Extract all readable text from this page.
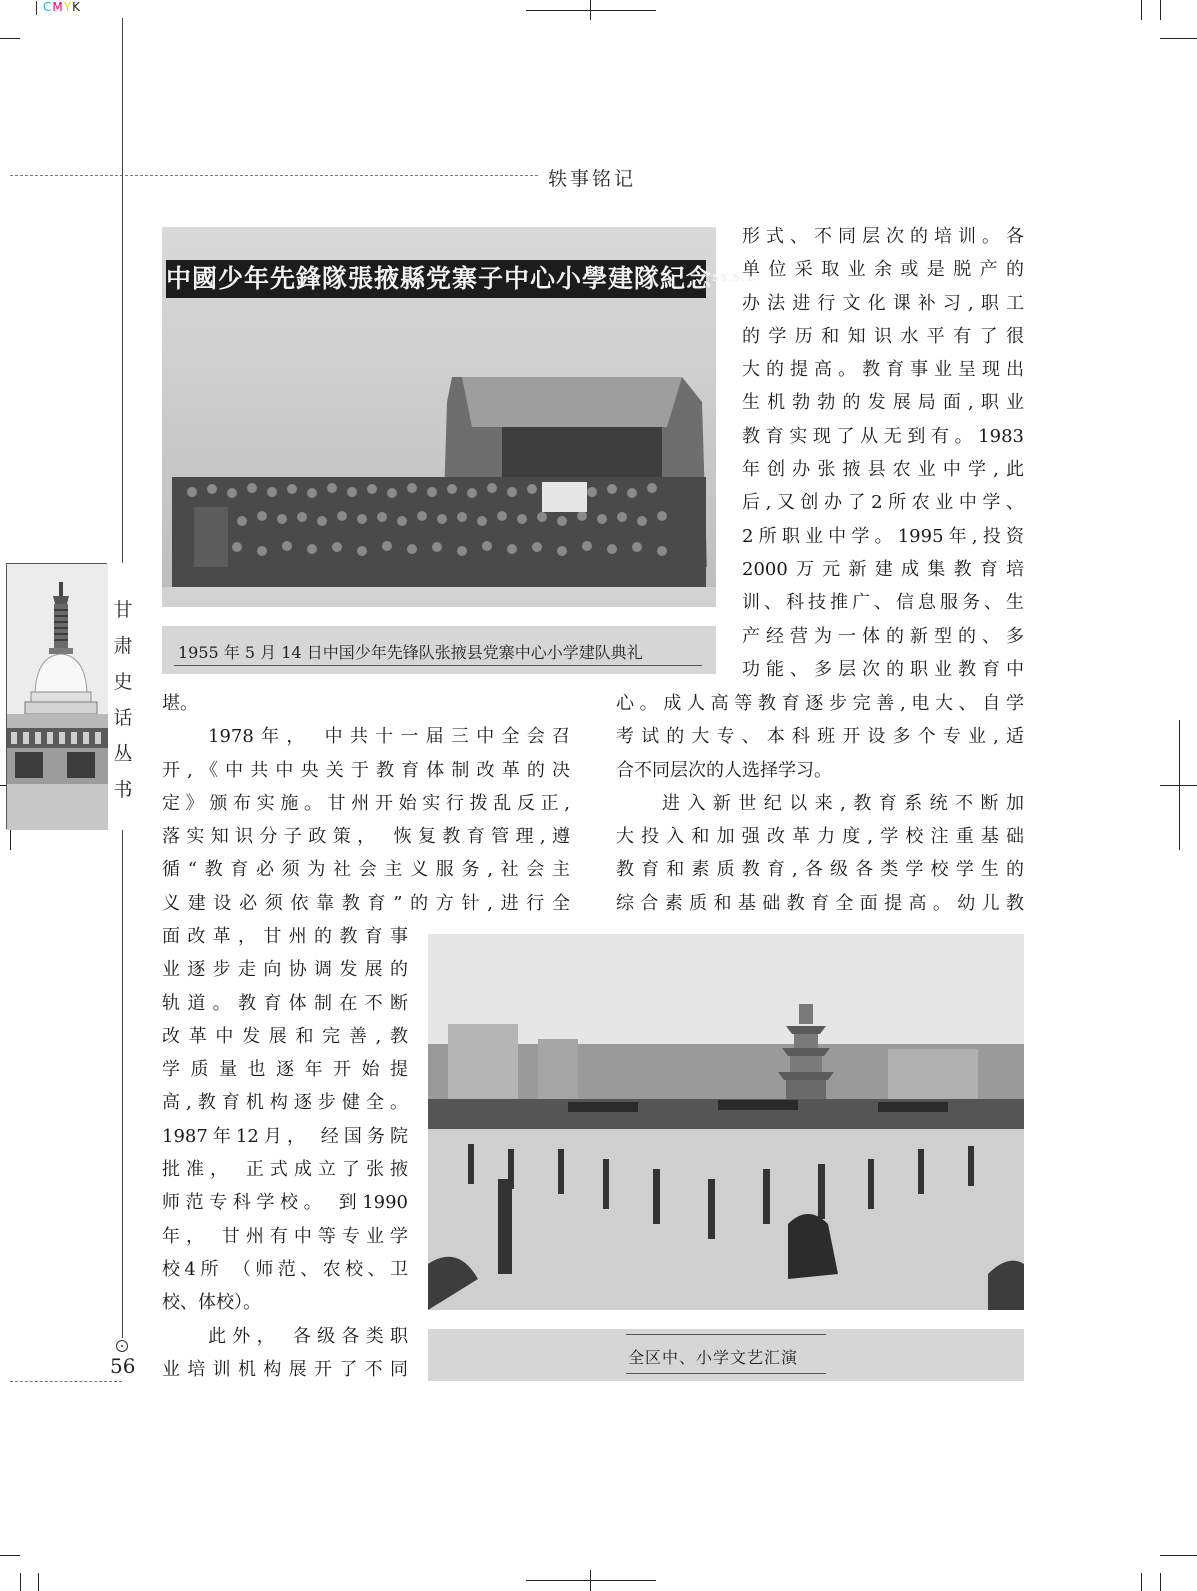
CMYK
轶事铭记
甘
肃
史
话
丛
书
中國少年先鋒隊張掖縣党寨子中心小學建隊紀念$^{55.5.14}$
1955 年 5 月 14 日中国少年先锋队张掖县党寨中心小学建队典礼

形式、不同层次的培训。各

单位采取业余或是脱产的

办法进行文化课补习,职工

的学历和知识水平有了很

大的提高。教育事业呈现出

生机勃勃的发展局面,职业

教育实现了从无到有。1983

年创办张掖县农业中学,此

后,又创办了2所农业中学、

2所职业中学。1995年,投资

2000万元新建成集教育培

训、科技推广、信息服务、生

产经营为一体的新型的、多

功能、多层次的职业教育中

心。成人高等教育逐步完善,电大、自学

考试的大专、本科班开设多个专业,适

合不同层次的人选择学习。

进入新世纪以来,教育系统不断加

大投入和加强改革力度,学校注重基础

教育和素质教育,各级各类学校学生的

综合素质和基础教育全面提高。幼儿教

堪。

1978年， 中共十一届三中全会召

开,《中共中央关于教育体制改革的决

定》颁布实施。甘州开始实行拨乱反正,

落实知识分子政策， 恢复教育管理,遵

循“教育必须为社会主义服务,社会主

义建设必须依靠教育”的方针,进行全

面改革，甘州的教育事

业逐步走向协调发展的

轨道。教育体制在不断

改革中发展和完善,教

学质量也逐年开始提

高,教育机构逐步健全。

1987年12月， 经国务院

批准， 正式成立了张掖

师范专科学校。 到1990

年， 甘州有中等专业学

校4所 （师范、农校、卫

校、体校）。

此外， 各级各类职

业培训机构展开了不同

全区中、小学文艺汇演
56
